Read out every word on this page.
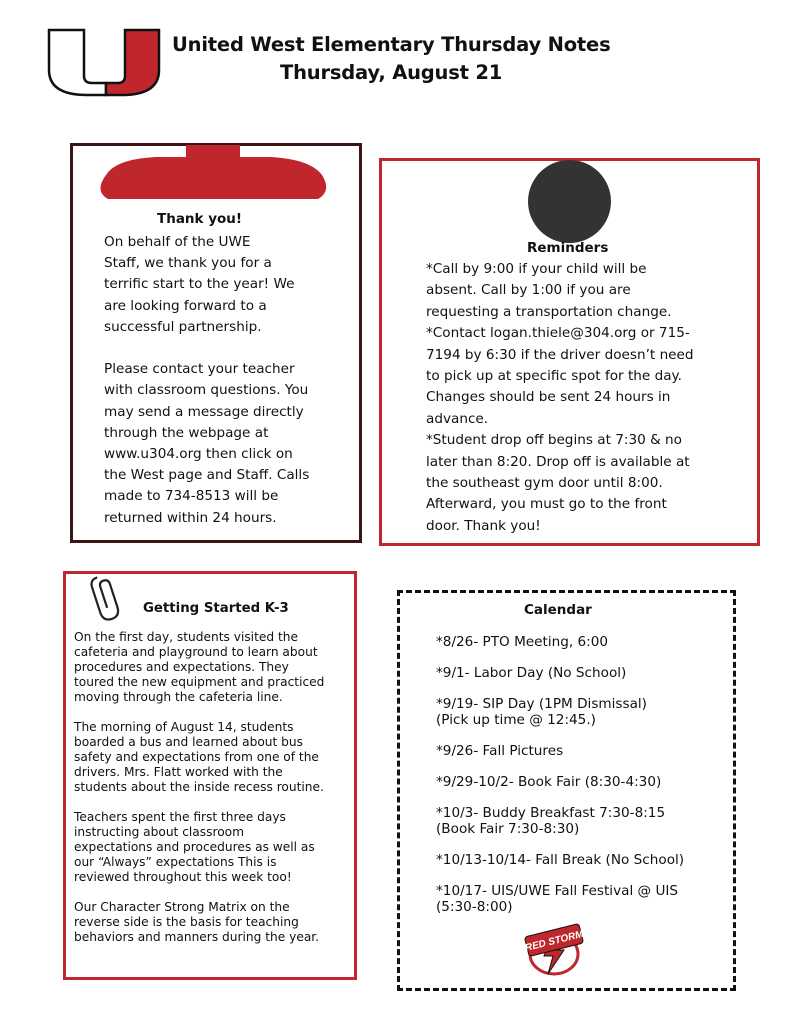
United West Elementary Thursday Notes
Thursday, August 21
Thank you!
On behalf of the UWE
Staff, we thank you for a
terrific start to the year! We
are looking forward to a
successful partnership.

Please contact your teacher
with classroom questions. You
may send a message directly
through the webpage at
www.u304.org then click on
the West page and Staff. Calls
made to 734-8513 will be
returned within 24 hours.
Reminders
*Call by 9:00 if your child will be
absent. Call by 1:00 if you are
requesting a transportation change.
*Contact logan.thiele@304.org or 715-
7194 by 6:30 if the driver doesn’t need
to pick up at specific spot for the day.
Changes should be sent 24 hours in
advance.
*Student drop off begins at 7:30 & no
later than 8:20. Drop off is available at
the southeast gym door until 8:00.
Afterward, you must go to the front
door. Thank you!
Getting Started K-3
On the first day, students visited the
cafeteria and playground to learn about
procedures and expectations. They
toured the new equipment and practiced
moving through the cafeteria line.

The morning of August 14, students
boarded a bus and learned about bus
safety and expectations from one of the
drivers. Mrs. Flatt worked with the
students about the inside recess routine.

Teachers spent the first three days
instructing about classroom
expectations and procedures as well as
our “Always” expectations This is
reviewed throughout this week too!

Our Character Strong Matrix on the
reverse side is the basis for teaching
behaviors and manners during the year.
Calendar
*8/26- PTO Meeting, 6:00
*9/1- Labor Day (No School)
*9/19- SIP Day (1PM Dismissal)
(Pick up time @ 12:45.)
*9/26- Fall Pictures
*9/29-10/2- Book Fair (8:30-4:30)
*10/3- Buddy Breakfast 7:30-8:15
(Book Fair 7:30-8:30)
*10/13-10/14- Fall Break (No School)
*10/17- UIS/UWE Fall Festival @ UIS
(5:30-8:00)
RED STORM
